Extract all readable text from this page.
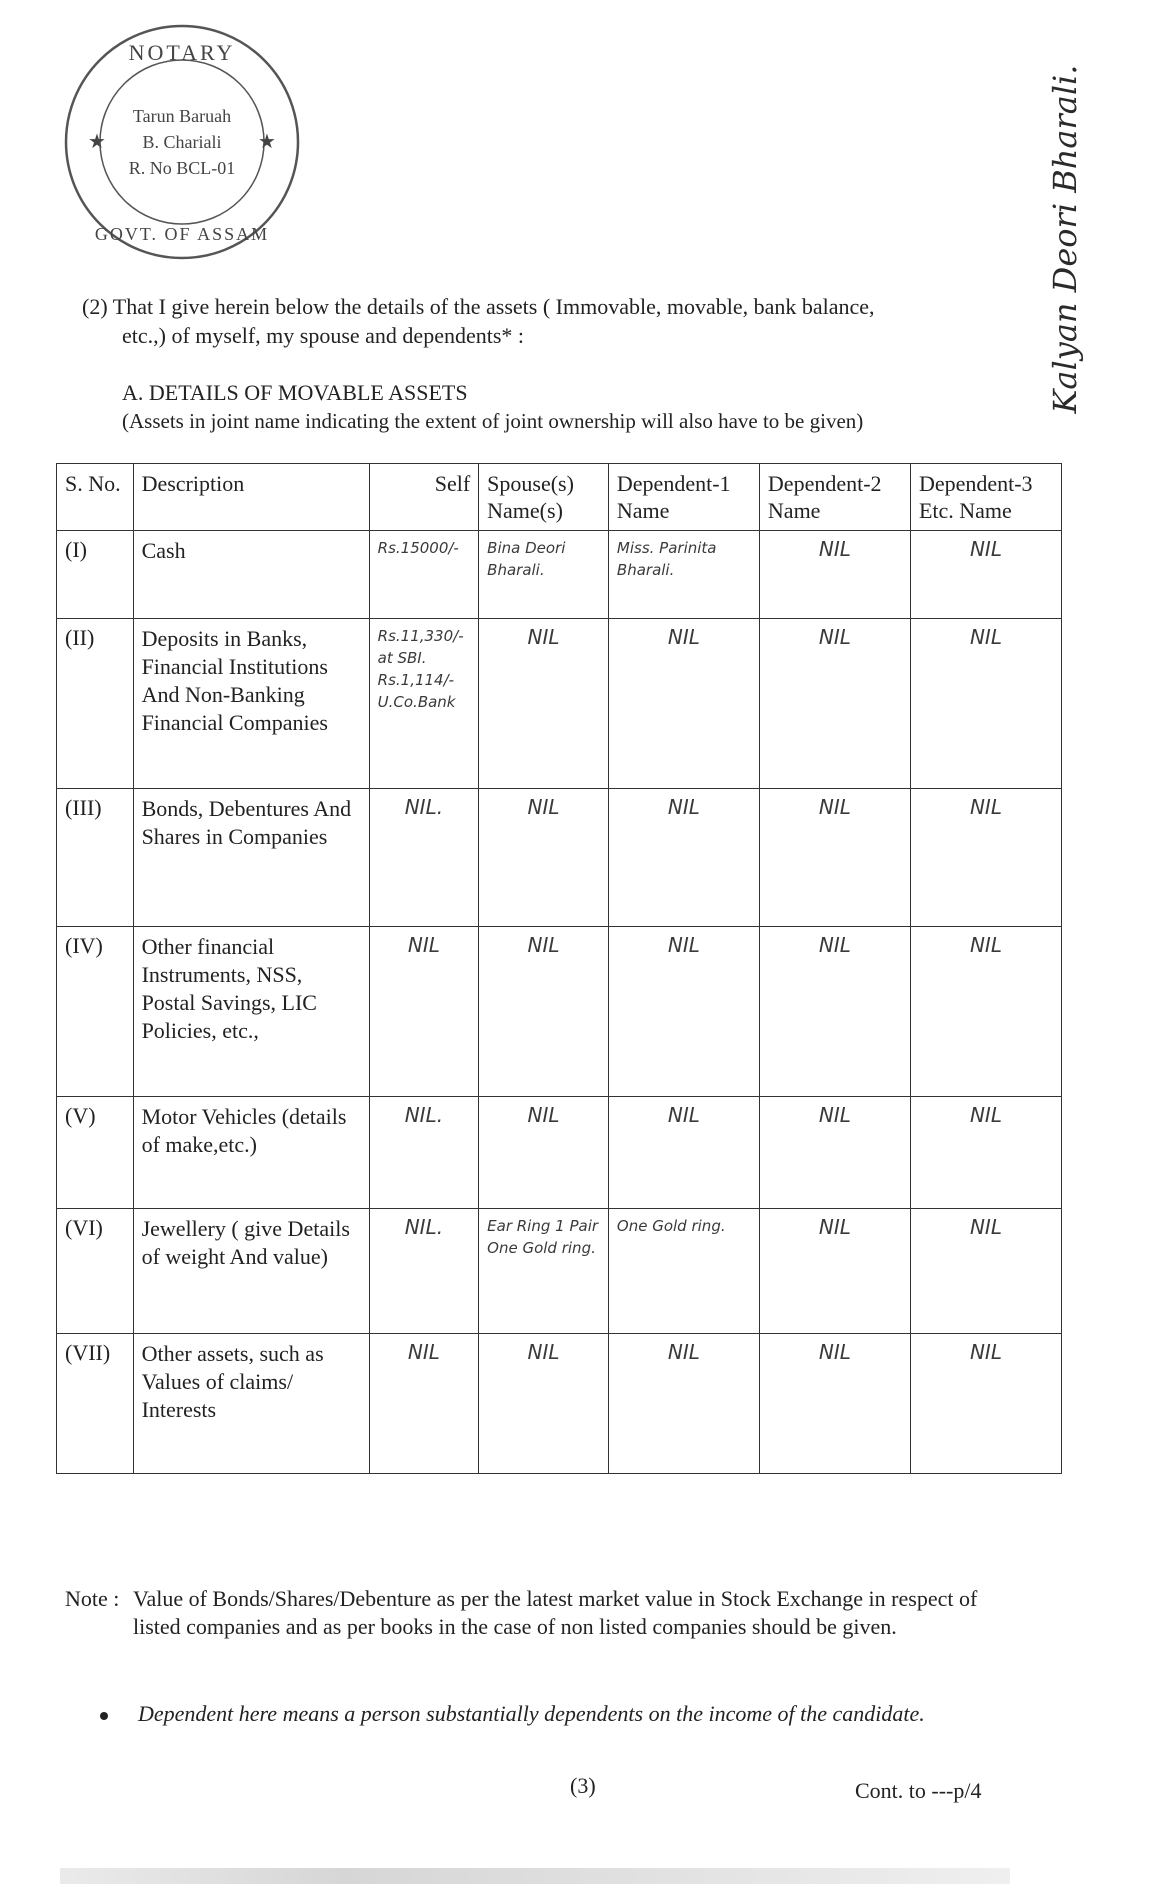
NOTARY
★	★
Tarun Baruah
B. Chariali
R. No BCL-01
GOVT. OF ASSAM	Kalyan Deori Bharali.
(2) That I give herein below the details of the assets ( Immovable, movable, bank balance,
etc.,) of myself, my spouse and dependents* :
A. DETAILS OF MOVABLE ASSETS
(Assets in joint name indicating the extent of joint ownership will also have to be given)
S. No.	Description	Self	Spouse(s) Name(s)	Dependent-1 Name	Dependent-2 Name	Dependent-3 Etc. Name
(I)	Cash	Rs.15000/-	Bina Deori Bharali.	Miss. Parinita Bharali.	NIL	NIL
(II)	Deposits in Banks, Financial Institutions And Non-Banking Financial Companies	Rs.11,330/- at SBI. Rs.1,114/- U.Co.Bank	NIL	NIL	NIL	NIL
(III)	Bonds, Debentures And Shares in Companies	NIL.	NIL	NIL	NIL	NIL
(IV)	Other financial Instruments, NSS, Postal Savings, LIC Policies, etc.,	NIL	NIL	NIL	NIL	NIL
(V)	Motor Vehicles (details of make,etc.)	NIL.	NIL	NIL	NIL	NIL
(VI)	Jewellery ( give Details of weight And value)	NIL.	Ear Ring 1 Pair One Gold ring.	One Gold ring.	NIL	NIL
(VII)	Other assets, such as Values of claims/ Interests	NIL	NIL	NIL	NIL	NIL
Note : Value of Bonds/Shares/Debenture as per the latest market value in Stock Exchange in respect of listed companies and as per books in the case of non listed companies should be given.
Dependent here means a person substantially dependents on the income of the candidate.
(3)	Cont. to ---p/4
